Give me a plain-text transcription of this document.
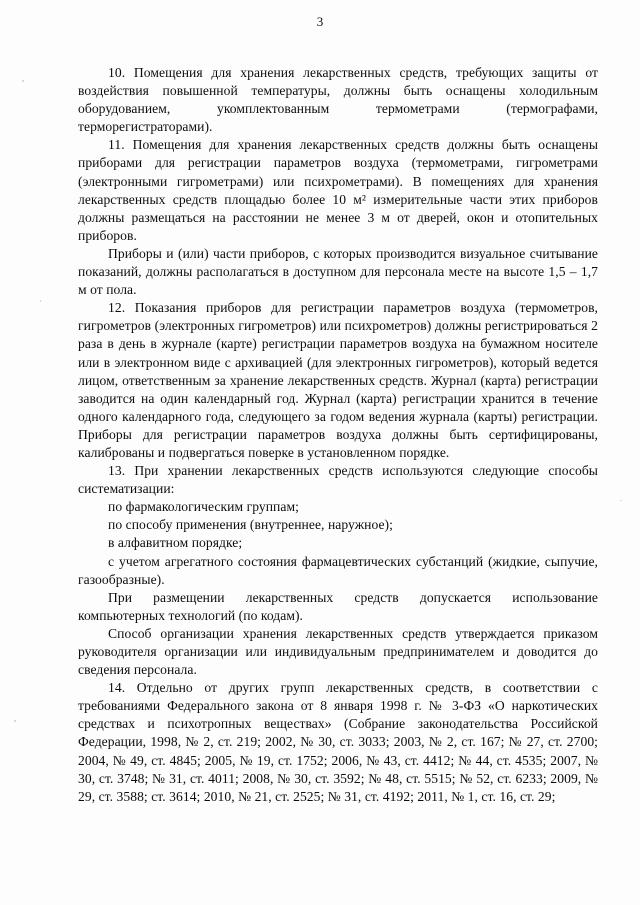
3

10. Помещения для хранения лекарственных средств, требующих защиты от воздействия повышенной температуры, должны быть оснащены холодильным оборудованием, укомплектованным термометрами (термографами, терморегистраторами).

11. Помещения для хранения лекарственных средств должны быть оснащены приборами для регистрации параметров воздуха (термометрами, гигрометрами (электронными гигрометрами) или психрометрами). В помещениях для хранения лекарственных средств площадью более 10 м² измерительные части этих приборов должны размещаться на расстоянии не менее 3 м от дверей, окон и отопительных приборов.

Приборы и (или) части приборов, с которых производится визуальное считывание показаний, должны располагаться в доступном для персонала месте на высоте 1,5 – 1,7 м от пола.

12. Показания приборов для регистрации параметров воздуха (термометров, гигрометров (электронных гигрометров) или психрометров) должны регистрироваться 2 раза в день в журнале (карте) регистрации параметров воздуха на бумажном носителе или в электронном виде с архивацией (для электронных гигрометров), который ведется лицом, ответственным за хранение лекарственных средств. Журнал (карта) регистрации заводится на один календарный год. Журнал (карта) регистрации хранится в течение одного календарного года, следующего за годом ведения журнала (карты) регистрации. Приборы для регистрации параметров воздуха должны быть сертифицированы, калиброваны и подвергаться поверке в установленном порядке.

13. При хранении лекарственных средств используются следующие способы систематизации:

по фармакологическим группам;

по способу применения (внутреннее, наружное);

в алфавитном порядке;

с учетом агрегатного состояния фармацевтических субстанций (жидкие, сыпучие, газообразные).

При размещении лекарственных средств допускается использование компьютерных технологий (по кодам).

Способ организации хранения лекарственных средств утверждается приказом руководителя организации или индивидуальным предпринимателем и доводится до сведения персонала.

14. Отдельно от других групп лекарственных средств, в соответствии с требованиями Федерального закона от 8 января 1998 г. № 3-ФЗ «О наркотических средствах и психотропных веществах» (Собрание законодательства Российской Федерации, 1998, № 2, ст. 219; 2002, № 30, ст. 3033; 2003, № 2, ст. 167; № 27, ст. 2700; 2004, № 49, ст. 4845; 2005, № 19, ст. 1752; 2006, № 43, ст. 4412; № 44, ст. 4535; 2007, № 30, ст. 3748; № 31, ст. 4011; 2008, № 30, ст. 3592; № 48, ст. 5515; № 52, ст. 6233; 2009, № 29, ст. 3588; ст. 3614; 2010, № 21, ст. 2525; № 31, ст. 4192; 2011, № 1, ст. 16, ст. 29;
